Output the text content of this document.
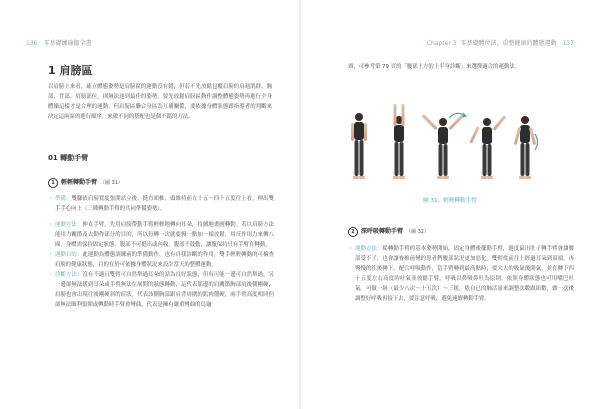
136 零基礎練瑜伽全書
1 肩膀區
以肩膀上來看，確立體態姿勢是肩膀區的運動沒有錯，但若不先放鬆包覆肩膀的肩週肌群，胸部、背部、肩膀部位，則無法達到最佳的姿勢。要先放鬆肩膀區動作調整體態姿勢再進行全身體操這樣才是合理的運動，但肩膀區聯合身區為互補關係，要依據身體狀態跟指導者的判斷來決定這兩區的進行順序，來做不同的搭配也是個不錯的方法。
01 轉動手臂
1 輕輕轉動手臂 （圖 31）
・ 準備：雙腳依肩膀寬度張開站立後，挺直頸椎，頭維持前方十五～四十五度往上看，伸出雙手手心向上（三種轉動手臂的共同準備姿勢）。
・ 運動方法：伸直手臂，先用肩膀帶動手臂輕輕地轉向耳朵，持續地畫圓轉動。若以肩膀方法能用力關節及去動作部分的目的，所以每轉一次就要慢一點加一樣放鬆，用反作用力來轉八圈，身體需保持固定狀態，腹部不可挺出或內收，腹部不鼓動，讓腹保持只有手臂在轉動。
・ 運動目的：此運動為體態訓練前的準備動作，也有自我診斷的作用，雙手輕輕轉動的可檢查肩膀的健康狀態，目的在於可依據身體狀況來設計當天的整體運動。
・ 診斷方法：沒有不適且雙臂可自然舉過耳朵的話為良好狀態，但有可能一邊可自然舉過，另一邊卻無法緩到耳朵或手臂無法在展開的狀態轉動，這代表那邊的肩關節胸部肩後側剛硬，肩膀也會出現往後剛硬斜的症狀。代表該側胸部跟肩背周圍的肌肉僵硬，兩手臂高度相同但卻無法順利張開或轉動時手臂會彎曲，代表是擁有嚴重彎曲的烏龜
Chapter 3 零基礎體位法，重整健康的體態運動 137
頸，可參考第 79 頁的「腰部上方的上半身診斷」來選擇適合的運動法。
2 深呼吸轉動手臂 （圖 32）
・ 運動方法：從轉動手臂的基本姿勢開始，固定身體後擺動手臂，過度鼠出肚子轉手臂會讓腰部受不了，也會讓脊椎前彎的患者們腰部狀況更加惡化。雙臂從前往上經過耳朵到頂端，再慢慢的往後轉下，配合呼吸動作，當手臂轉到最高點時，要大大的吸氣後閉氣，並在轉下四十五度左右高度時吐氣並放鬆手臂。呼吸以鼻吸鼻吐為原則，依照身體狀態也可用嘴巴吐氣。可做一組（最少八次～十五次）～三組，依自己的肺活量來調整次數跟組數，做一次後調整好呼吸再接下去，要注意呼吸，避免連續轉動手臂。
圖 31：輕輕轉動手臂
